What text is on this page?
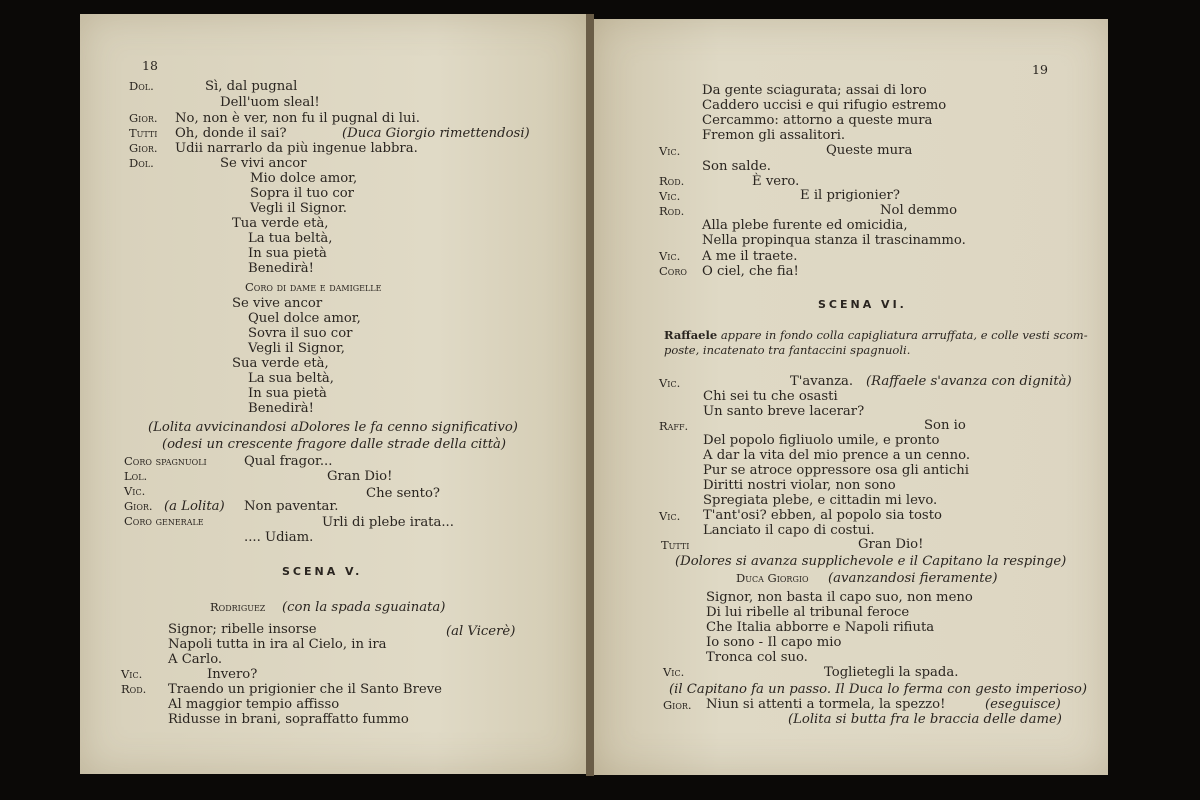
18
Dol.	Sì, dal pugnal
Dell'uom sleal!
Gior. No, non è ver, non fu il pugnal di lui.
Tutti Oh, donde il sai?	(Duca Giorgio rimettendosi)
Gior. Udii narrarlo da più ingenue labbra.
Dol.	Se vivi ancor
Mio dolce amor,
Sopra il tuo cor
Vegli il Signor.
Tua verde età,
La tua beltà,
In sua pietà
Benedirà!
Coro di dame e damigelle
Se vive ancor
Quel dolce amor,
Sovra il suo cor
Vegli il Signor,
Sua verde età,
La sua beltà,
In sua pietà
Benedirà!
(Lolita avvicinandosi aDolores le fa cenno significativo)
(odesi un crescente fragore dalle strade della città)
Coro spagnuoli	Qual fragor...
Lol.	Gran Dio!
Vic.	Che sento?
Gior. (a Lolita) Non paventar.
Coro generale	Urli di plebe irata...
.... Udiam.
SCENA V.
Rodriguez (con la spada sguainata)
Signor; ribelle insorse	(al Vicerè)
Napoli tutta in ira al Cielo, in ira
A Carlo.
Vic.	Invero?
Rod. Traendo un prigionier che il Santo Breve
Al maggior tempio affisso
Ridusse in brani, sopraffatto fummo
19
Da gente sciagurata; assai di loro
Caddero uccisi e qui rifugio estremo
Cercammo: attorno a queste mura
Fremon gli assalitori.
Vic.	Queste mura
Son salde.
Rod.	È vero.
Vic.	E il prigionier?
Rod.	Nol demmo
Alla plebe furente ed omicidia,
Nella propinqua stanza il trascinammo.
Vic. A me il traete.
Coro O ciel, che fia!
SCENA VI.
Raffaele appare in fondo colla capigliatura arruffata, e colle vesti scom-
poste, incatenato tra fantaccini spagnuoli.
Vic.	T'avanza. (Raffaele s'avanza con dignità)
Chi sei tu che osasti
Un santo breve lacerar?
Raff.	Son io
Del popolo figliuolo umile, e pronto
A dar la vita del mio prence a un cenno.
Pur se atroce oppressore osa gli antichi
Diritti nostri violar, non sono
Spregiata plebe, e cittadin mi levo.
Vic. T'ant'osi? ebben, al popolo sia tosto
Lanciato il capo di costui.
Tutti	Gran Dio!
(Dolores si avanza supplichevole e il Capitano la respinge)
Duca Giorgio (avanzandosi fieramente)
Signor, non basta il capo suo, non meno
Di lui ribelle al tribunal feroce
Che Italia abborre e Napoli rifiuta
Io sono - Il capo mio
Tronca col suo.
Vic.	Toglietegli la spada.
(il Capitano fa un passo. Il Duca lo ferma con gesto imperioso)
Gior. Niun si attenti a tormela, la spezzo!	(eseguisce)
(Lolita si butta fra le braccia delle dame)
